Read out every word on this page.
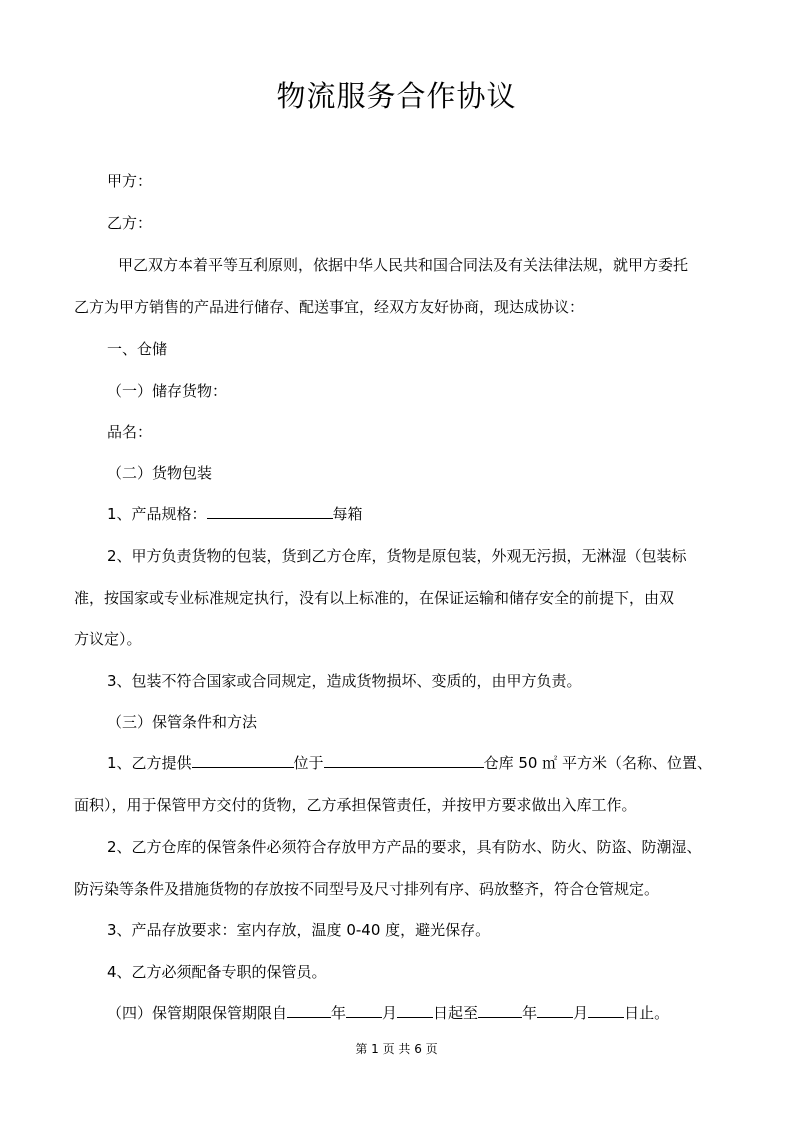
物流服务合作协议
甲方：
乙方：
甲乙双方本着平等互利原则，依据中华人民共和国合同法及有关法律法规，就甲方委托
乙方为甲方销售的产品进行储存、配送事宜，经双方友好协商，现达成协议：
一、仓储
（一）储存货物：
品名：
（二）货物包装
1、产品规格：	每箱
2、甲方负责货物的包装，货到乙方仓库，货物是原包装，外观无污损，无淋湿（包装标
准，按国家或专业标准规定执行，没有以上标准的，在保证运输和储存安全的前提下，由双
方议定）。
3、包装不符合国家或合同规定，造成货物损坏、变质的，由甲方负责。
（三）保管条件和方法
1、乙方提供	位于	仓库 50 ㎡ 平方米（名称、位置、
面积），用于保管甲方交付的货物，乙方承担保管责任，并按甲方要求做出入库工作。
2、乙方仓库的保管条件必须符合存放甲方产品的要求，具有防水、防火、防盗、防潮湿、
防污染等条件及措施货物的存放按不同型号及尺寸排列有序、码放整齐，符合仓管规定。
3、产品存放要求：室内存放，温度 0-40 度，避光保存。
4、乙方必须配备专职的保管员。
（四）保管期限保管期限自	年 月 日起至	年 月 日止。
第 1 页 共 6 页
